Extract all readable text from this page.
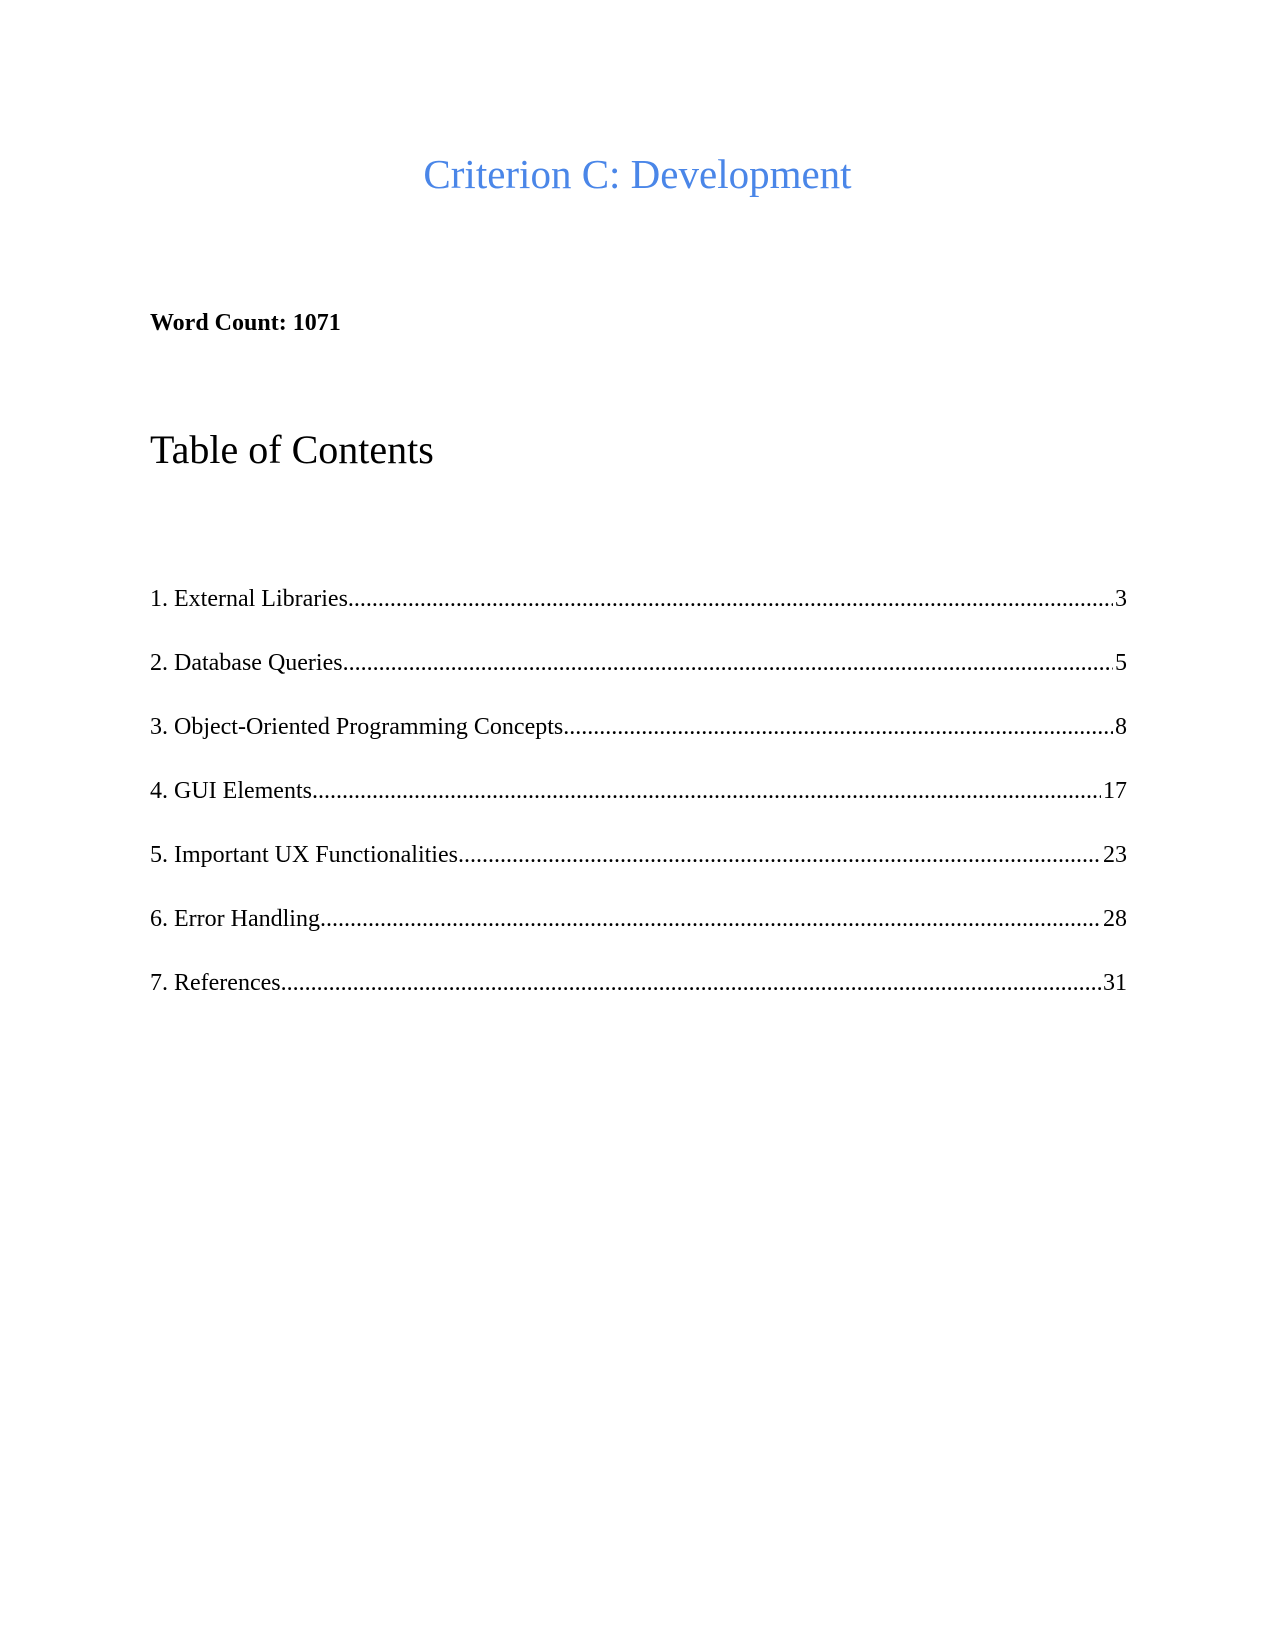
Criterion C: Development
Word Count: 1071
Table of Contents
1. External Libraries .....	3
2. Database Queries .....	5
3. Object-Oriented Programming Concepts .....	8
4. GUI Elements .....	17
5. Important UX Functionalities .....	23
6. Error Handling .....	28
7. References .....	31
